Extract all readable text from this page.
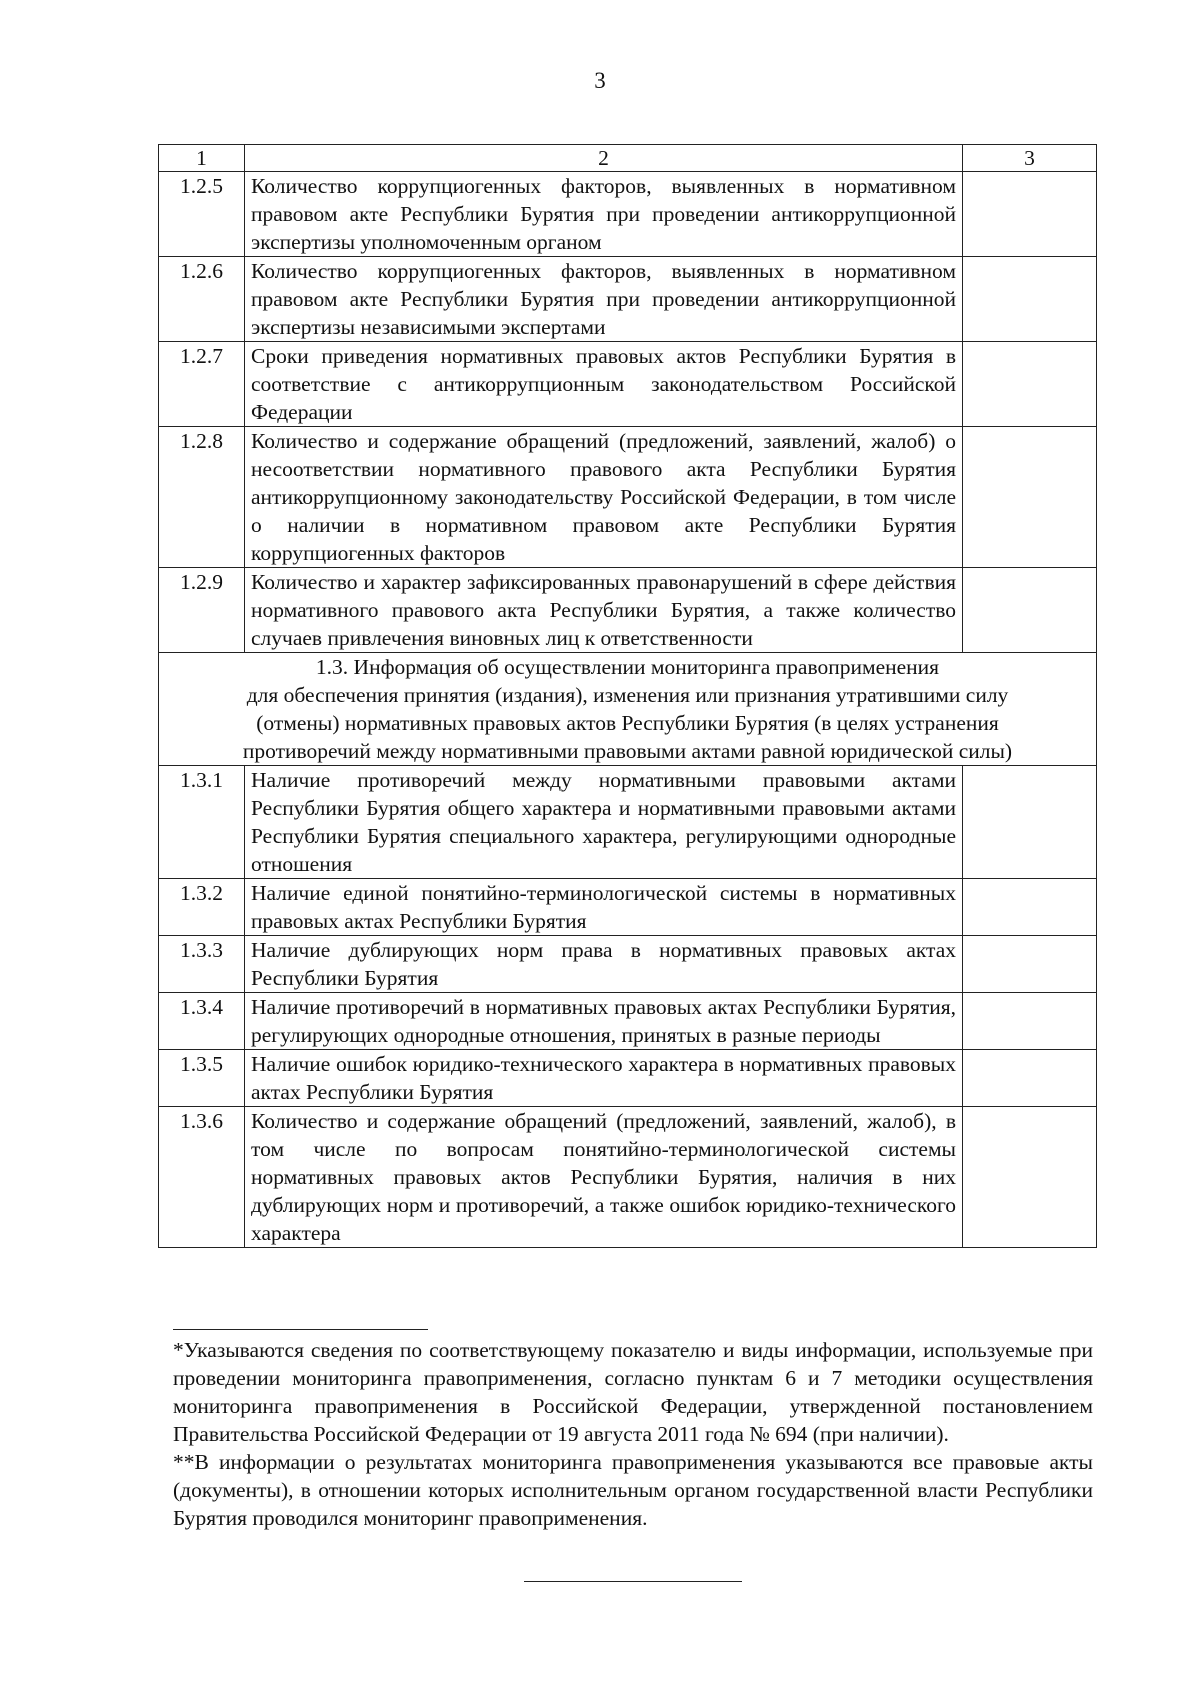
3
1	2	3
1.2.5	Количество коррупциогенных факторов, выявленных в нормативном правовом акте Республики Бурятия при проведении антикоррупционной экспертизы уполномоченным органом	
1.2.6	Количество коррупциогенных факторов, выявленных в нормативном правовом акте Республики Бурятия при проведении антикоррупционной экспертизы независимыми экспертами	
1.2.7	Сроки приведения нормативных правовых актов Республики Бурятия в соответствие с антикоррупционным законодательством Российской Федерации	
1.2.8	Количество и содержание обращений (предложений, заявлений, жалоб) о несоответствии нормативного правового акта Республики Бурятия антикоррупционному законодательству Российской Федерации, в том числе о наличии в нормативном правовом акте Республики Бурятия коррупциогенных факторов	
1.2.9	Количество и характер зафиксированных правонарушений в сфере действия нормативного правового акта Республики Бурятия, а также количество случаев привлечения виновных лиц к ответственности	

1.3. Информация об осуществлении мониторинга правоприменения
для обеспечения принятия (издания), изменения или признания утратившими силу
(отмены) нормативных правовых актов Республики Бурятия (в целях устранения
противоречий между нормативными правовыми актами равной юридической силы)		

1.3.1	Наличие противоречий между нормативными правовыми актами Республики Бурятия общего характера и нормативными правовыми актами Республики Бурятия специального характера, регулирующими однородные отношения	
1.3.2	Наличие единой понятийно-терминологической системы в нормативных правовых актах Республики Бурятия	
1.3.3	Наличие дублирующих норм права в нормативных правовых актах Республики Бурятия	
1.3.4	Наличие противоречий в нормативных правовых актах Республики Бурятия, регулирующих однородные отношения, принятых в разные периоды	
1.3.5	Наличие ошибок юридико-технического характера в нормативных правовых актах Республики Бурятия	
1.3.6	Количество и содержание обращений (предложений, заявлений, жалоб), в том числе по вопросам понятийно-терминологической системы нормативных правовых актов Республики Бурятия, наличия в них дублирующих норм и противоречий, а также ошибок юридико-технического характера	

*Указываются сведения по соответствующему показателю и виды информации, используемые при проведении мониторинга правоприменения, согласно пунктам 6 и 7 методики осуществления мониторинга правоприменения в Российской Федерации, утвержденной постановлением Правительства Российской Федерации от 19 августа 2011 года № 694 (при наличии).

**В информации о результатах мониторинга правоприменения указываются все правовые акты (документы), в отношении которых исполнительным органом государственной власти Республики Бурятия проводился мониторинг правоприменения.
